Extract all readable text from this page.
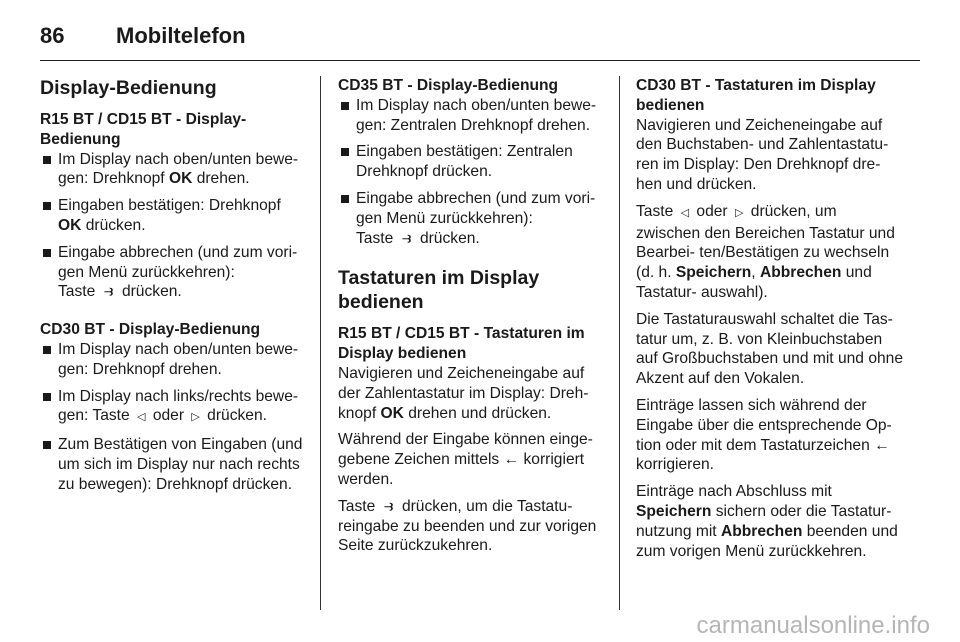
86	Mobiltelefon
Display-Bedienung
R15 BT / CD15 BT - Display-Bedienung
Im Display nach oben/unten bewe- gen: Drehknopf OK drehen.
Eingaben bestätigen: Drehknopf OK drücken.
Eingabe abbrechen (und zum vori- gen Menü zurückkehren):
Taste ⥽ drücken.
CD30 BT - Display-Bedienung
Im Display nach oben/unten bewe- gen: Drehknopf drehen.
Im Display nach links/rechts bewe- gen: Taste ◁ oder ▷ drücken.
Zum Bestätigen von Eingaben (und um sich im Display nur nach rechts zu bewegen): Drehknopf drücken.
CD35 BT - Display-Bedienung
Im Display nach oben/unten bewe- gen: Zentralen Drehknopf drehen.
Eingaben bestätigen: Zentralen Drehknopf drücken.
Eingabe abbrechen (und zum vori- gen Menü zurückkehren):
Taste ⥽ drücken.
Tastaturen im Display bedienen
R15 BT / CD15 BT - Tastaturen im Display bedienen

Navigieren und Zeicheneingabe auf der Zahlentastatur im Display: Dreh- knopf OK drehen und drücken.

Während der Eingabe können einge- gebene Zeichen mittels ← korrigiert werden.

Taste ⥽ drücken, um die Tastatu- reingabe zu beenden und zur vorigen Seite zurückzukehren.

CD30 BT - Tastaturen im Display bedienen

Navigieren und Zeicheneingabe auf den Buchstaben- und Zahlentastatu- ren im Display: Den Drehknopf dre- hen und drücken.

Taste ◁ oder ▷ drücken, um zwischen den Bereichen Tastatur und Bearbei- ten/Bestätigen zu wechseln (d. h. Speichern, Abbrechen und Tastatur- auswahl).

Die Tastaturauswahl schaltet die Tas- tatur um, z. B. von Kleinbuchstaben auf Großbuchstaben und mit und ohne Akzent auf den Vokalen.

Einträge lassen sich während der Eingabe über die entsprechende Op- tion oder mit dem Tastaturzeichen ← korrigieren.

Einträge nach Abschluss mit Speichern sichern oder die Tastatur- nutzung mit Abbrechen beenden und zum vorigen Menü zurückkehren.

carmanualsonline.info
